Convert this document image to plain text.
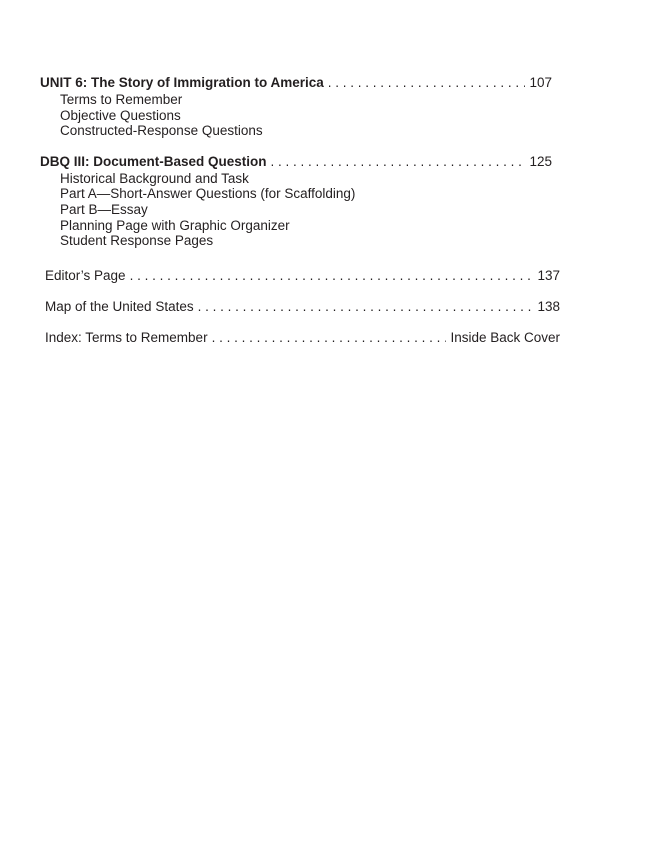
UNIT 6: The Story of Immigration to America . . .	107
Terms to Remember
Objective Questions
Constructed-Response Questions
DBQ III: Document-Based Question . . .	125
Historical Background and Task
Part A—Short-Answer Questions (for Scaffolding)
Part B—Essay
Planning Page with Graphic Organizer
Student Response Pages
Editor’s Page . . .	137
Map of the United States . . .	138
Index: Terms to Remember . . .	Inside Back Cover
